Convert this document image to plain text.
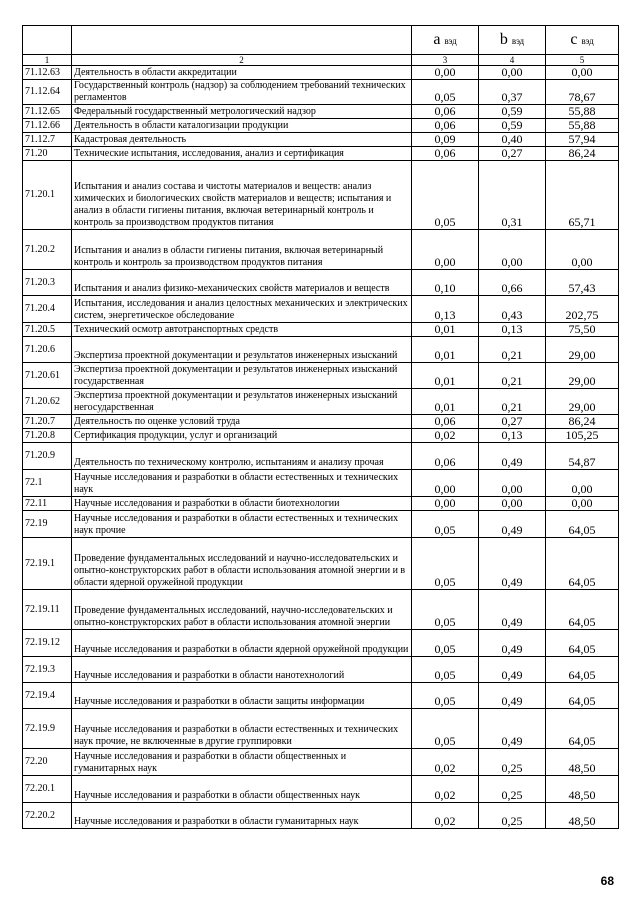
		a вэд	b вэд	c вэд
1	2	3	4	5
71.12.63	Деятельность в области аккредитации	0,00	0,00	0,00
71.12.64	Государственный контроль (надзор) за соблюдением требований технических регламентов	0,05	0,37	78,67
71.12.65	Федеральный государственный метрологический надзор	0,06	0,59	55,88
71.12.66	Деятельность в области каталогизации продукции	0,06	0,59	55,88
71.12.7	Кадастровая деятельность	0,09	0,40	57,94
71.20	Технические испытания, исследования, анализ и сертификация	0,06	0,27	86,24
71.20.1	Испытания и анализ состава и чистоты материалов и веществ: анализ химических и биологических свойств материалов и веществ; испытания и анализ в области гигиены питания, включая ветеринарный контроль и контроль за производством продуктов питания	0,05	0,31	65,71
71.20.2	Испытания и анализ в области гигиены питания, включая ветеринарный контроль и контроль за производством продуктов питания	0,00	0,00	0,00
71.20.3	Испытания и анализ физико-механических свойств материалов и веществ	0,10	0,66	57,43
71.20.4	Испытания, исследования и анализ целостных механических и электрических систем, энергетическое обследование	0,13	0,43	202,75
71.20.5	Технический осмотр автотранспортных средств	0,01	0,13	75,50
71.20.6	Экспертиза проектной документации и результатов инженерных изысканий	0,01	0,21	29,00
71.20.61	Экспертиза проектной документации и результатов инженерных изысканий государственная	0,01	0,21	29,00
71.20.62	Экспертиза проектной документации и результатов инженерных изысканий негосударственная	0,01	0,21	29,00
71.20.7	Деятельность по оценке условий труда	0,06	0,27	86,24
71.20.8	Сертификация продукции, услуг и организаций	0,02	0,13	105,25
71.20.9	Деятельность по техническому контролю, испытаниям и анализу прочая	0,06	0,49	54,87
72.1	Научные исследования и разработки в области естественных и технических наук	0,00	0,00	0,00
72.11	Научные исследования и разработки в области биотехнологии	0,00	0,00	0,00
72.19	Научные исследования и разработки в области естественных и технических наук прочие	0,05	0,49	64,05
72.19.1	Проведение фундаментальных исследований и научно-исследовательских и опытно-конструкторских работ в области использования атомной энергии и в области ядерной оружейной продукции	0,05	0,49	64,05
72.19.11	Проведение фундаментальных исследований, научно-исследовательских и опытно-конструкторских работ в области использования атомной энергии	0,05	0,49	64,05
72.19.12	Научные исследования и разработки в области ядерной оружейной продукции	0,05	0,49	64,05
72.19.3	Научные исследования и разработки в области нанотехнологий	0,05	0,49	64,05
72.19.4	Научные исследования и разработки в области защиты информации	0,05	0,49	64,05
72.19.9	Научные исследования и разработки в области естественных и технических наук прочие, не включенные в другие группировки	0,05	0,49	64,05
72.20	Научные исследования и разработки в области общественных и гуманитарных наук	0,02	0,25	48,50
72.20.1	Научные исследования и разработки в области общественных наук	0,02	0,25	48,50
72.20.2	Научные исследования и разработки в области гуманитарных наук	0,02	0,25	48,50
68
